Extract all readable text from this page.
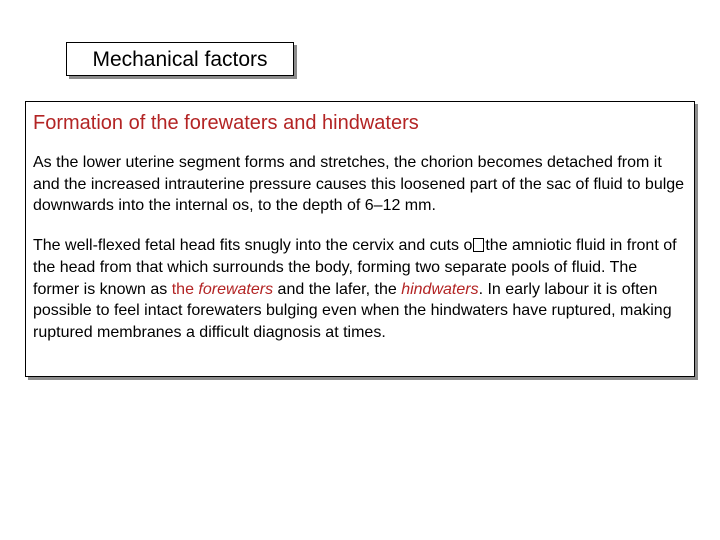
Mechanical factors
Formation of the forewaters and hindwaters

As the lower uterine segment forms and stretches, the chorion becomes detached from it and the increased intrauterine pressure causes this loosened part of the sac of fluid to bulge downwards into the internal os, to the depth of 6–12 mm.

The well-flexed fetal head fits snugly into the cervix and cuts o the amniotic fluid in front of the head from that which surrounds the body, forming two separate pools of fluid. The former is known as the forewaters and the lafer, the hindwaters. In early labour it is often possible to feel intact forewaters bulging even when the hindwaters have ruptured, making ruptured membranes a difficult diagnosis at times.
